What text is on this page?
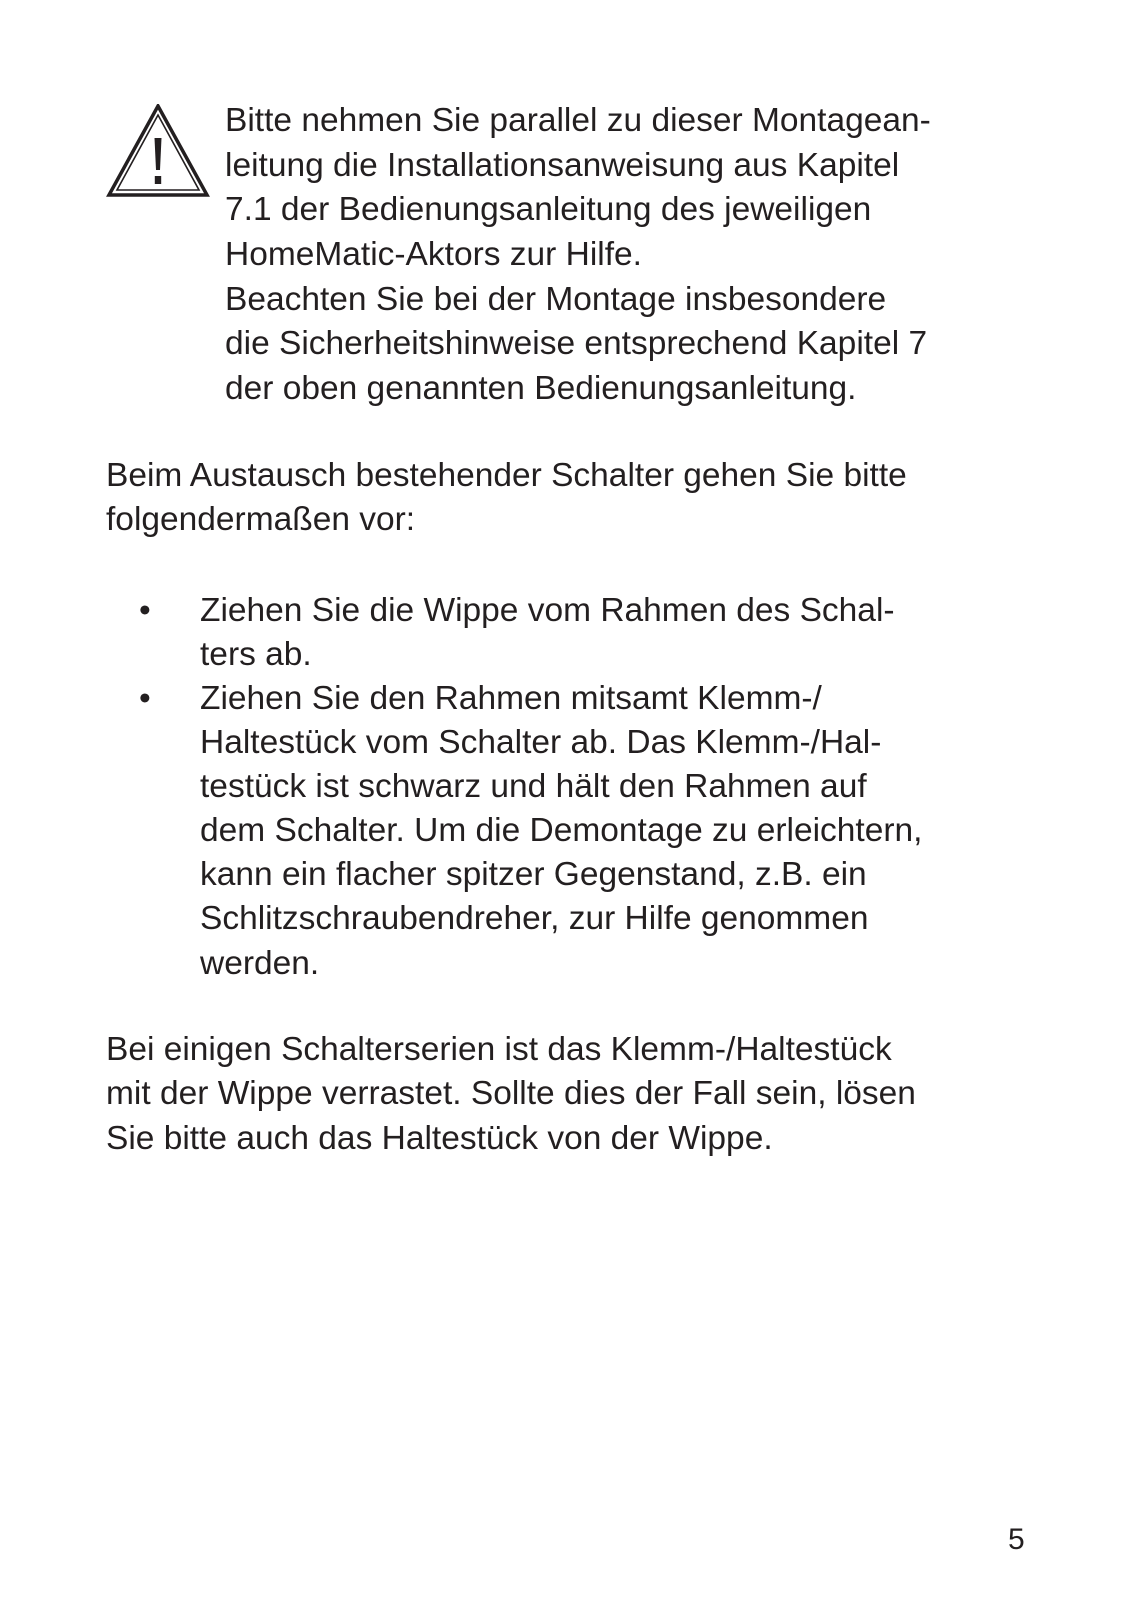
Bitte nehmen Sie parallel zu dieser Montagean-

leitung die Installationsanweisung aus Kapitel

7.1 der Bedienungsanleitung des jeweiligen

HomeMatic-Aktors zur Hilfe.

Beachten Sie bei der Montage insbesondere

die Sicherheitshinweise entsprechend Kapitel 7

der oben genannten Bedienungsanleitung.

Beim Austausch bestehender Schalter gehen Sie bitte

folgendermaßen vor:

• Ziehen Sie die Wippe vom Rahmen des Schal-

ters ab.

• Ziehen Sie den Rahmen mitsamt Klemm-/

Haltestück vom Schalter ab. Das Klemm-/Hal-

testück ist schwarz und hält den Rahmen auf

dem Schalter. Um die Demontage zu erleichtern,

kann ein flacher spitzer Gegenstand, z.B. ein

Schlitzschraubendreher, zur Hilfe genommen

werden.

Bei einigen Schalterserien ist das Klemm-/Haltestück

mit der Wippe verrastet. Sollte dies der Fall sein, lösen

Sie bitte auch das Haltestück von der Wippe.

5
